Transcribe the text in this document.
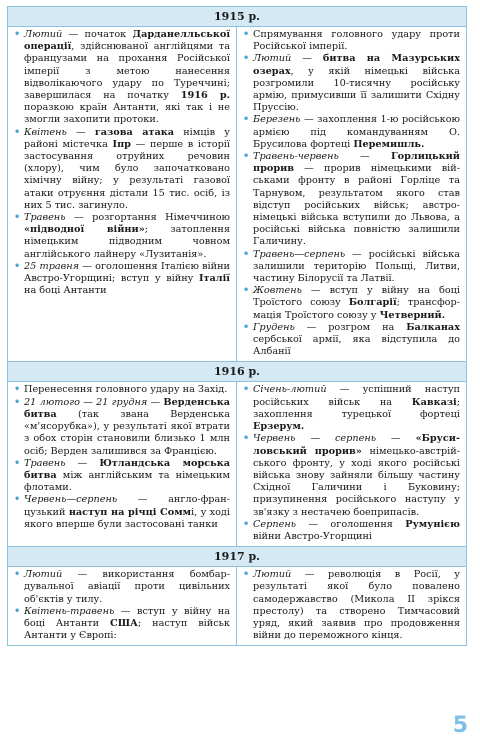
1915 р.

• Лютий — початок Дарданелльської операції, здійснюваної англійцями та французами на прохання Російської імперії з метою нанесення відволікаючого удару по Туреччині; завершилася на початку 1916 р. поразкою країн Антанти, які так і не змогли захопити протоки.

• Квітень — газова атака німців у районі містечка Іпр — перше в історії застосування отруйних речовин (хлору), чим було започатковано хімічну війну; у результаті газової атаки отруєння дістали 15 тис. осіб, із них 5 тис. загинуло.

• Травень — розгортання Німеччиною «підводної війни»; затоплення німецьким підводним човном англійського лайнеру «Лузитанія».

• 25 травня — оголошення Італією війни Австро-Угорщині; вступ у війну Італії на боці Антанти

• Спрямування головного удару проти Російської імперії.

• Лютий — битва на Мазурських озерах, у якій німецькі війська розгромили 10-тисячну російську армію, примусивши її залишити Східну Пруссію.

• Березень — захоплення 1-ю російською армією під командуванням О. Брусилова фортеці Перемишль.

• Травень-червень — Горлицький прорив — прорив німецькими військами фронту в районі Горліце та Тарнувом, результатом якого став відступ російських військ; австро-німецькі війська вступили до Львова, а російські війська повністю залишили Галичину.

• Травень—серпень — російські війська залишили територію Польщі, Литви, частину Білорусії та Латвії.

• Жовтень — вступ у війну на боці Троїстого союзу Болгарії; трансформація Троїстого союзу у Четверний.

• Грудень — розгром на Балканах сербської армії, яка відступила до Албанії

1916 р.

• Перенесення головного удару на Захід.

• 21 лютого — 21 грудня — Верденська битва (так звана Верденська «м'ясорубка»), у результаті якої втрати з обох сторін становили близько 1 млн осіб; Верден залишився за Францією.

• Травень — Ютландська морська битва між англійським та німецьким флотами.

• Червень—серпень — англо-французький наступ на річці Соммі, у ході якого вперше були застосовані танки

• Січень-лютий — успішний наступ російських військ на Кавказі; захоплення турецької фортеці Ерзерум.

• Червень — серпень — «Брусиловський прорив» німецько-австрійського фронту, у ході якого російські війська знову зайняли більшу частину Східної Галичини і Буковину; призупинення російського наступу у зв'язку з нестачею боеприпасів.

• Серпень — оголошення Румунією війни Австро-Угорщині

1917 р.

• Лютий — використання бомбардувальної авіації проти цивільних об'єктів у тилу.

• Квітень-травень — вступ у війну на боці Антанти США; наступ військ Антанти у Європі:

• Лютий — революція в Росії, у результаті якої було повалено самодержавство (Микола ІІ зрікся престолу) та створено Тимчасовий уряд, який заявив про продовження війни до переможного кінця.

5
